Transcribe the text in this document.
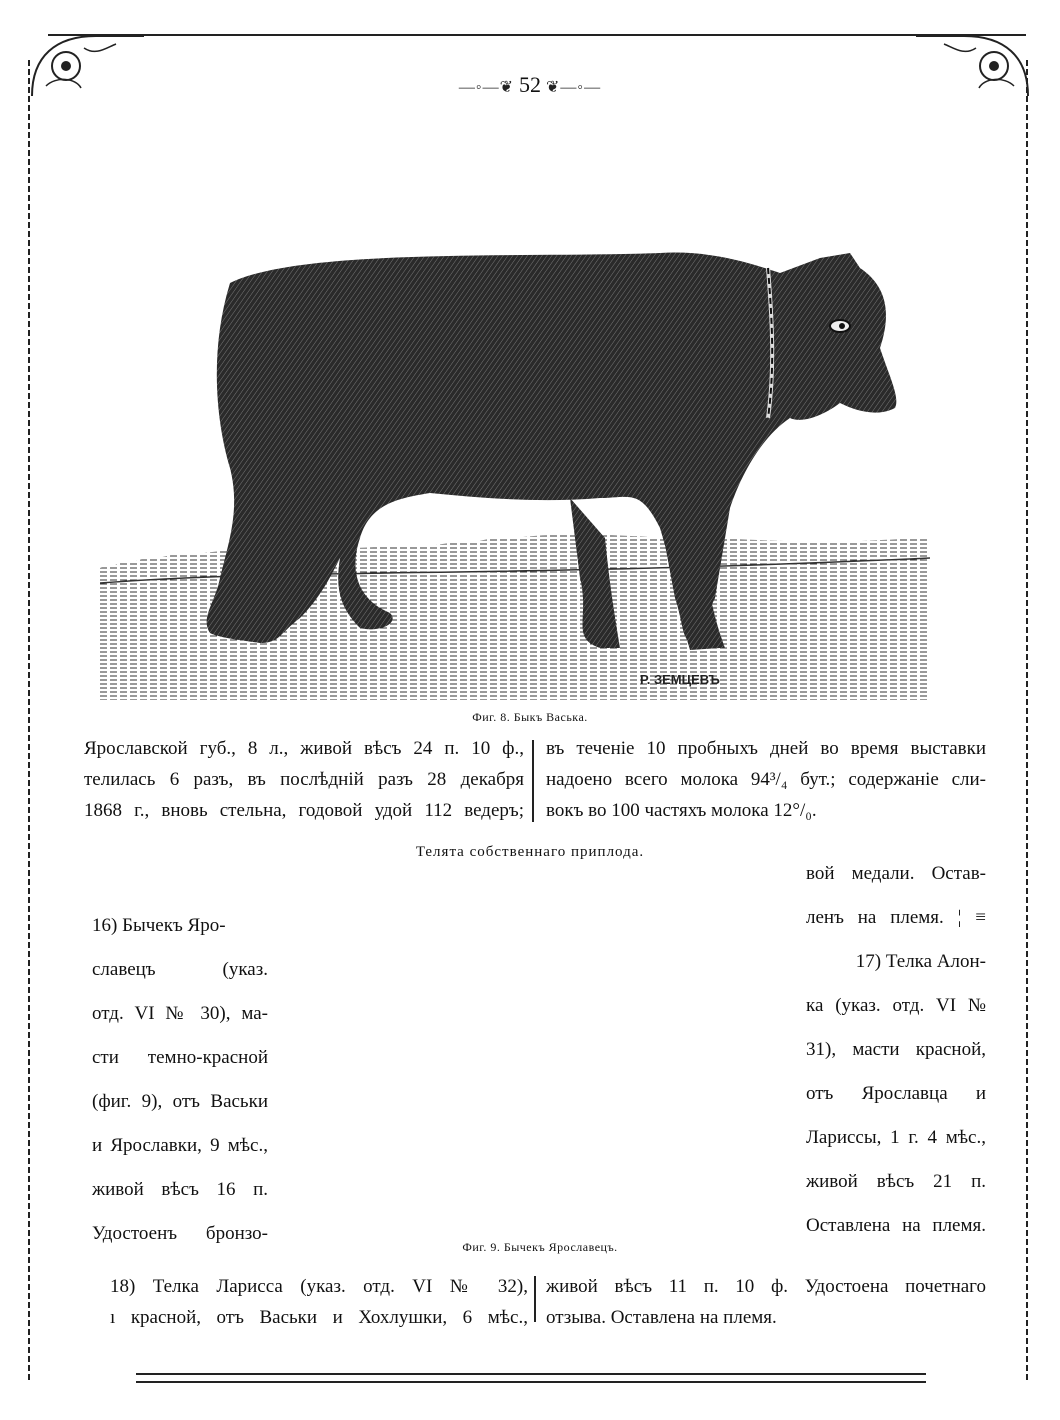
—◦—❦ 52 ❦—◦—
Р. ЗЕМЦЕВЪ
Фиг. 8. Быкъ Васька.
Ярославской губ., 8 л., живой вѣсъ 24 п. 10 ф.,
телилась 6 разъ, въ послѣдній разъ 28 декабря
1868 г., вновь стельна, годовой удой 112 ведеръ;
въ теченіе 10 пробныхъ дней во время выставки
надоено всего молока 94³/₄ бут.; содержаніе сли-
вокъ во 100 частяхъ молока 12°/₀.
Телята собственнаго приплода.
16) Бычекъ Яро-
славецъ (указ.
отд. VI № 30), ма-
сти темно-красной
(фиг. 9), отъ Васьки
и Ярославки, 9 мѣс.,
живой вѣсъ 16 п.
Удостоенъ бронзо-
вой медали. Остав-
ленъ на племя. ¦ ≡
17) Телка Алон-
ка (указ. отд. VI №
31), масти красной,
отъ Ярославца и
Ларисcы, 1 г. 4 мѣс.,
живой вѣсъ 21 п.
Оставлена на племя.
Фиг. 9. Бычекъ Ярославецъ.
18) Телка Ларисса (указ. отд. VI № 32),
ı красной, отъ Васьки и Хохлушки, 6 мѣс.,
живой вѣсъ 11 п. 10 ф. Удостоена почетнаго
отзыва. Оставлена на племя.
